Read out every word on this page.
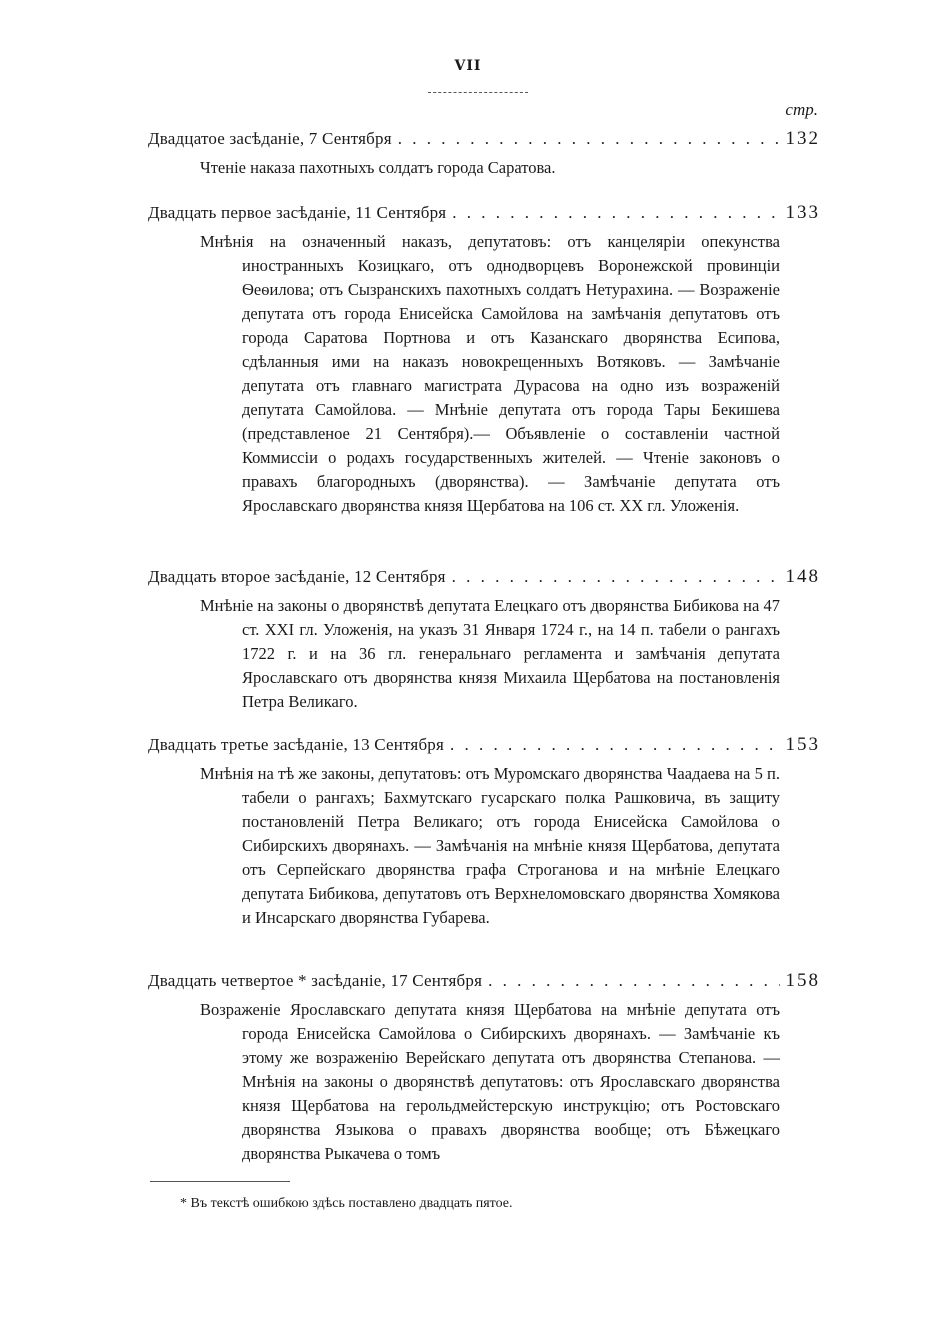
VII
стр.
Двадцатое засѣданіе, 7 Сентября . . .	132
Чтеніе наказа пахотныхъ солдатъ города Саратова.
Двадцать первое засѣданіе, 11 Сентября . . .	133
Мнѣнія на означенный наказъ, депутатовъ: отъ канцеляріи опекунства иностранныхъ Козицкаго, отъ однодворцевъ Воронежской провинціи Ѳеѳилова; отъ Сызранскихъ пахотныхъ солдатъ Нетурахина. — Возраженіе депутата отъ города Енисейска Самойлова на замѣчанія депутатовъ отъ города Саратова Портнова и отъ Казанскаго дворянства Есипова, сдѣланныя ими на наказъ новокрещенныхъ Вотяковъ. — Замѣчаніе депутата отъ главнаго магистрата Дурасова на одно изъ возраженій депутата Самойлова. — Мнѣніе депутата отъ города Тары Бекишева (представленое 21 Сентября).— Объявленіе о составленіи частной Коммиссіи о родахъ государственныхъ жителей. — Чтеніе законовъ о правахъ благородныхъ (дворянства). — Замѣчаніе депутата отъ Ярославскаго дворянства князя Щербатова на 106 ст. XX гл. Уложенія.
Двадцать второе засѣданіе, 12 Сентября . . .	148
Мнѣніе на законы о дворянствѣ депутата Елецкаго отъ дворянства Бибикова на 47 ст. XXI гл. Уложенія, на указъ 31 Января 1724 г., на 14 п. табели о рангахъ 1722 г. и на 36 гл. генеральнаго регламента и замѣчанія депутата Ярославскаго отъ дворянства князя Михаила Щербатова на постановленія Петра Великаго.
Двадцать третье засѣданіе, 13 Сентября . . .	153
Мнѣнія на тѣ же законы, депутатовъ: отъ Муромскаго дворянства Чаадаева на 5 п. табели о рангахъ; Бахмутскаго гусарскаго полка Рашковича, въ защиту постановленій Петра Великаго; отъ города Енисейска Самойлова о Сибирскихъ дворянахъ. — Замѣчанія на мнѣніе князя Щербатова, депутата отъ Серпейскаго дворянства графа Строганова и на мнѣніе Елецкаго депутата Бибикова, депутатовъ отъ Верхнеломовскаго дворянства Хомякова и Инсарскаго дворянства Губарева.
Двадцать четвертое * засѣданіе, 17 Сентября . . .	158
Возраженіе Ярославскаго депутата князя Щербатова на мнѣніе депутата отъ города Енисейска Самойлова о Сибирскихъ дворянахъ. — Замѣчаніе къ этому же возраженію Верейскаго депутата отъ дворянства Степанова. — Мнѣнія на законы о дворянствѣ депутатовъ: отъ Ярославскаго дворянства князя Щербатова на герольдмейстерскую инструкцію; отъ Ростовскаго дворянства Языкова о правахъ дворянства вообще; отъ Бѣжецкаго дворянства Рыкачева о томъ
* Въ текстѣ ошибкою здѣсь поставлено двадцать пятое.
